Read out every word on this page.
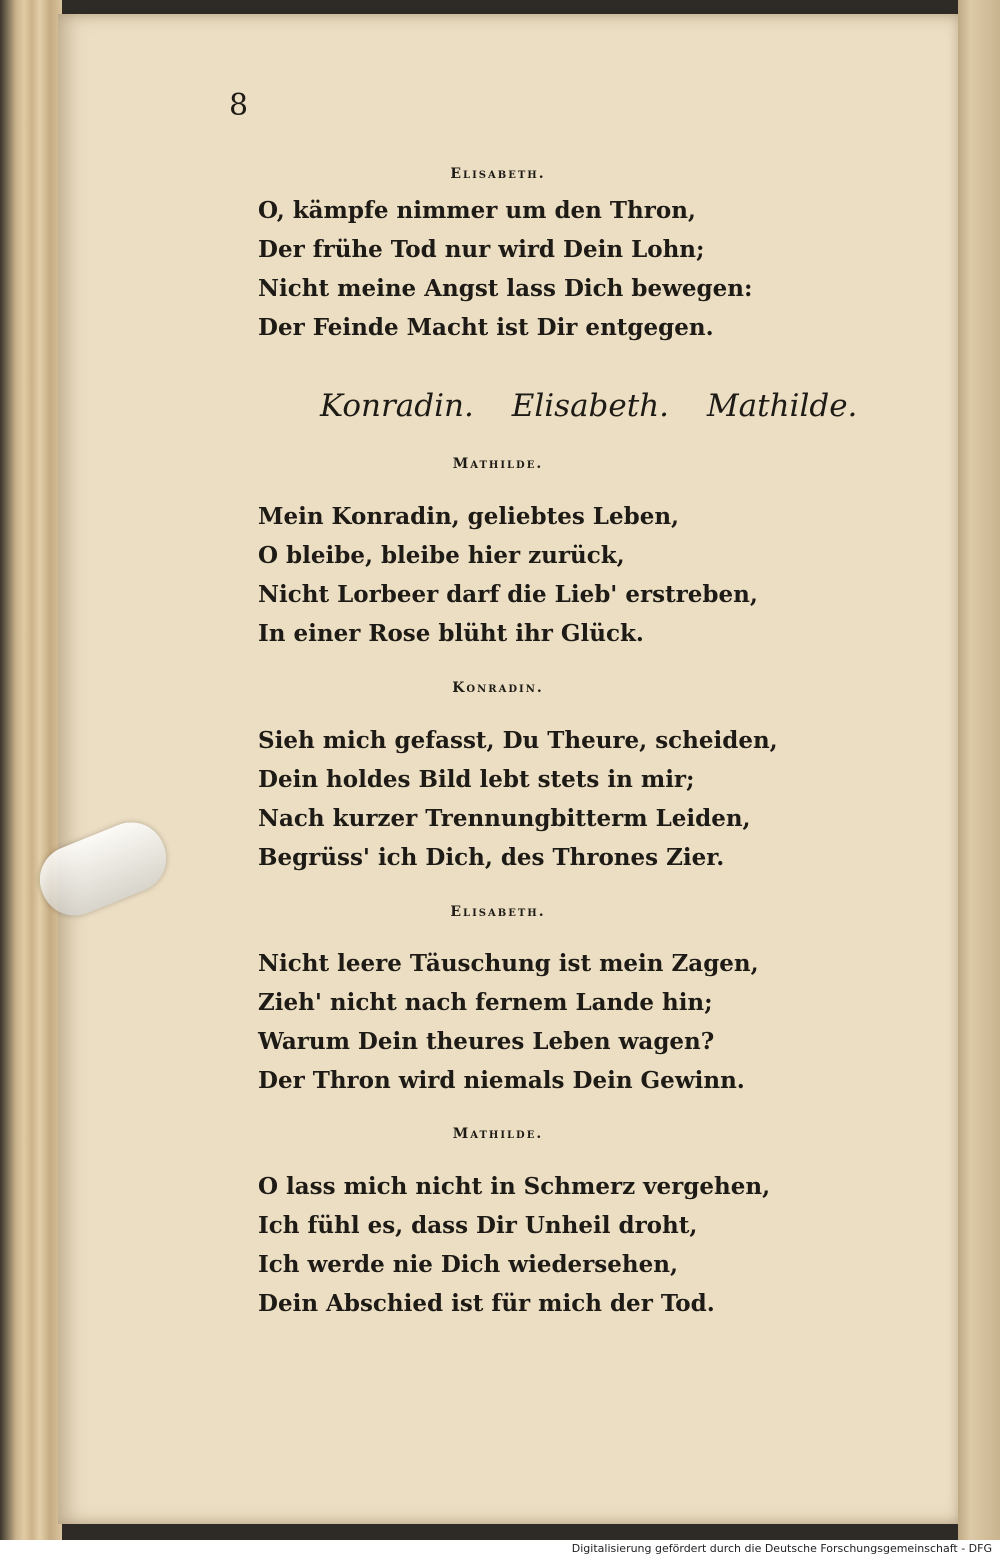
8
Elisabeth.
O, kämpfe nimmer um den Thron,
Der frühe Tod nur wird Dein Lohn;
Nicht meine Angst lass Dich bewegen:
Der Feinde Macht ist Dir entgegen.
Konradin. Elisabeth. Mathilde.
Mathilde.
Mein Konradin, geliebtes Leben,
O bleibe, bleibe hier zurück,
Nicht Lorbeer darf die Lieb' erstreben,
In einer Rose blüht ihr Glück.
Konradin.
Sieh mich gefasst, Du Theure, scheiden,
Dein holdes Bild lebt stets in mir;
Nach kurzer Trennungbitterm Leiden,
Begrüss' ich Dich, des Thrones Zier.
Elisabeth.
Nicht leere Täuschung ist mein Zagen,
Zieh' nicht nach fernem Lande hin;
Warum Dein theures Leben wagen?
Der Thron wird niemals Dein Gewinn.
Mathilde.
O lass mich nicht in Schmerz vergehen,
Ich fühl es, dass Dir Unheil droht,
Ich werde nie Dich wiedersehen,
Dein Abschied ist für mich der Tod.
Digitalisierung gefördert durch die Deutsche Forschungsgemeinschaft - DFG
